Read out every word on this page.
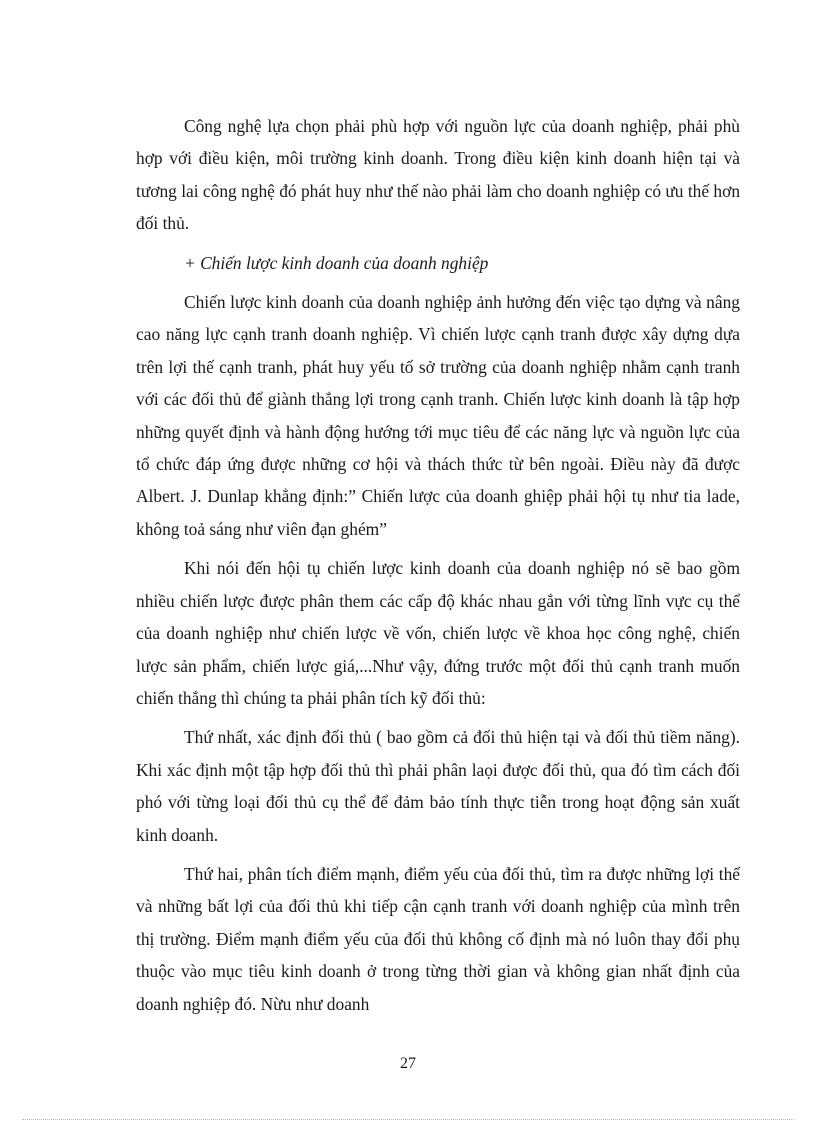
Công nghệ lựa chọn phải phù hợp với nguồn lực của doanh nghiệp, phải phù hợp với điều kiện, môi trường kinh doanh. Trong điều kiện kinh doanh hiện tại và tương lai công nghệ đó phát huy như thế nào phải làm cho doanh nghiệp có ưu thế hơn đối thủ.

+ Chiến lược kinh doanh của doanh nghiệp

Chiến lược kinh doanh của doanh nghiệp ảnh hưởng đến việc tạo dựng và nâng cao năng lực cạnh tranh doanh nghiệp. Vì chiến lược cạnh tranh được xây dựng dựa trên lợi thế cạnh tranh, phát huy yếu tố sở trường của doanh nghiệp nhằm cạnh tranh với các đối thủ để giành thắng lợi trong cạnh tranh. Chiến lược kinh doanh là tập hợp những quyết định và hành động hướng tới mục tiêu để các năng lực và nguồn lực của tổ chức đáp ứng được những cơ hội và thách thức từ bên ngoài. Điều này đã được Albert. J. Dunlap khẳng định:” Chiến lược của doanh ghiệp phải hội tụ như tia lade, không toả sáng như viên đạn ghém”

Khi nói đến hội tụ chiến lược kinh doanh của doanh nghiệp nó sẽ bao gồm nhiều chiến lược được phân them các cấp độ khác nhau gắn với từng lĩnh vực cụ thể của doanh nghiệp như chiến lược về vốn, chiến lược về khoa học công nghệ, chiến lược sản phẩm, chiến lược giá,...Như vậy, đứng trước một đối thủ cạnh tranh muốn chiến thắng thì chúng ta phải phân tích kỹ đối thủ:

Thứ nhất, xác định đối thủ ( bao gồm cả đối thủ hiện tại và đối thủ tiềm năng). Khi xác định một tập hợp đối thủ thì phải phân laọi được đối thủ, qua đó tìm cách đối phó với từng loại đối thủ cụ thể để đảm bảo tính thực tiễn trong hoạt động sản xuất kinh doanh.

Thứ hai, phân tích điểm mạnh, điểm yếu của đối thủ, tìm ra được những lợi thế và những bất lợi của đối thủ khi tiếp cận cạnh tranh với doanh nghiệp của mình trên thị trường. Điểm mạnh điểm yếu của đối thủ không cố định mà nó luôn thay đổi phụ thuộc vào mục tiêu kinh doanh ở trong từng thời gian và không gian nhất định của doanh nghiệp đó. Nừu như doanh

27
